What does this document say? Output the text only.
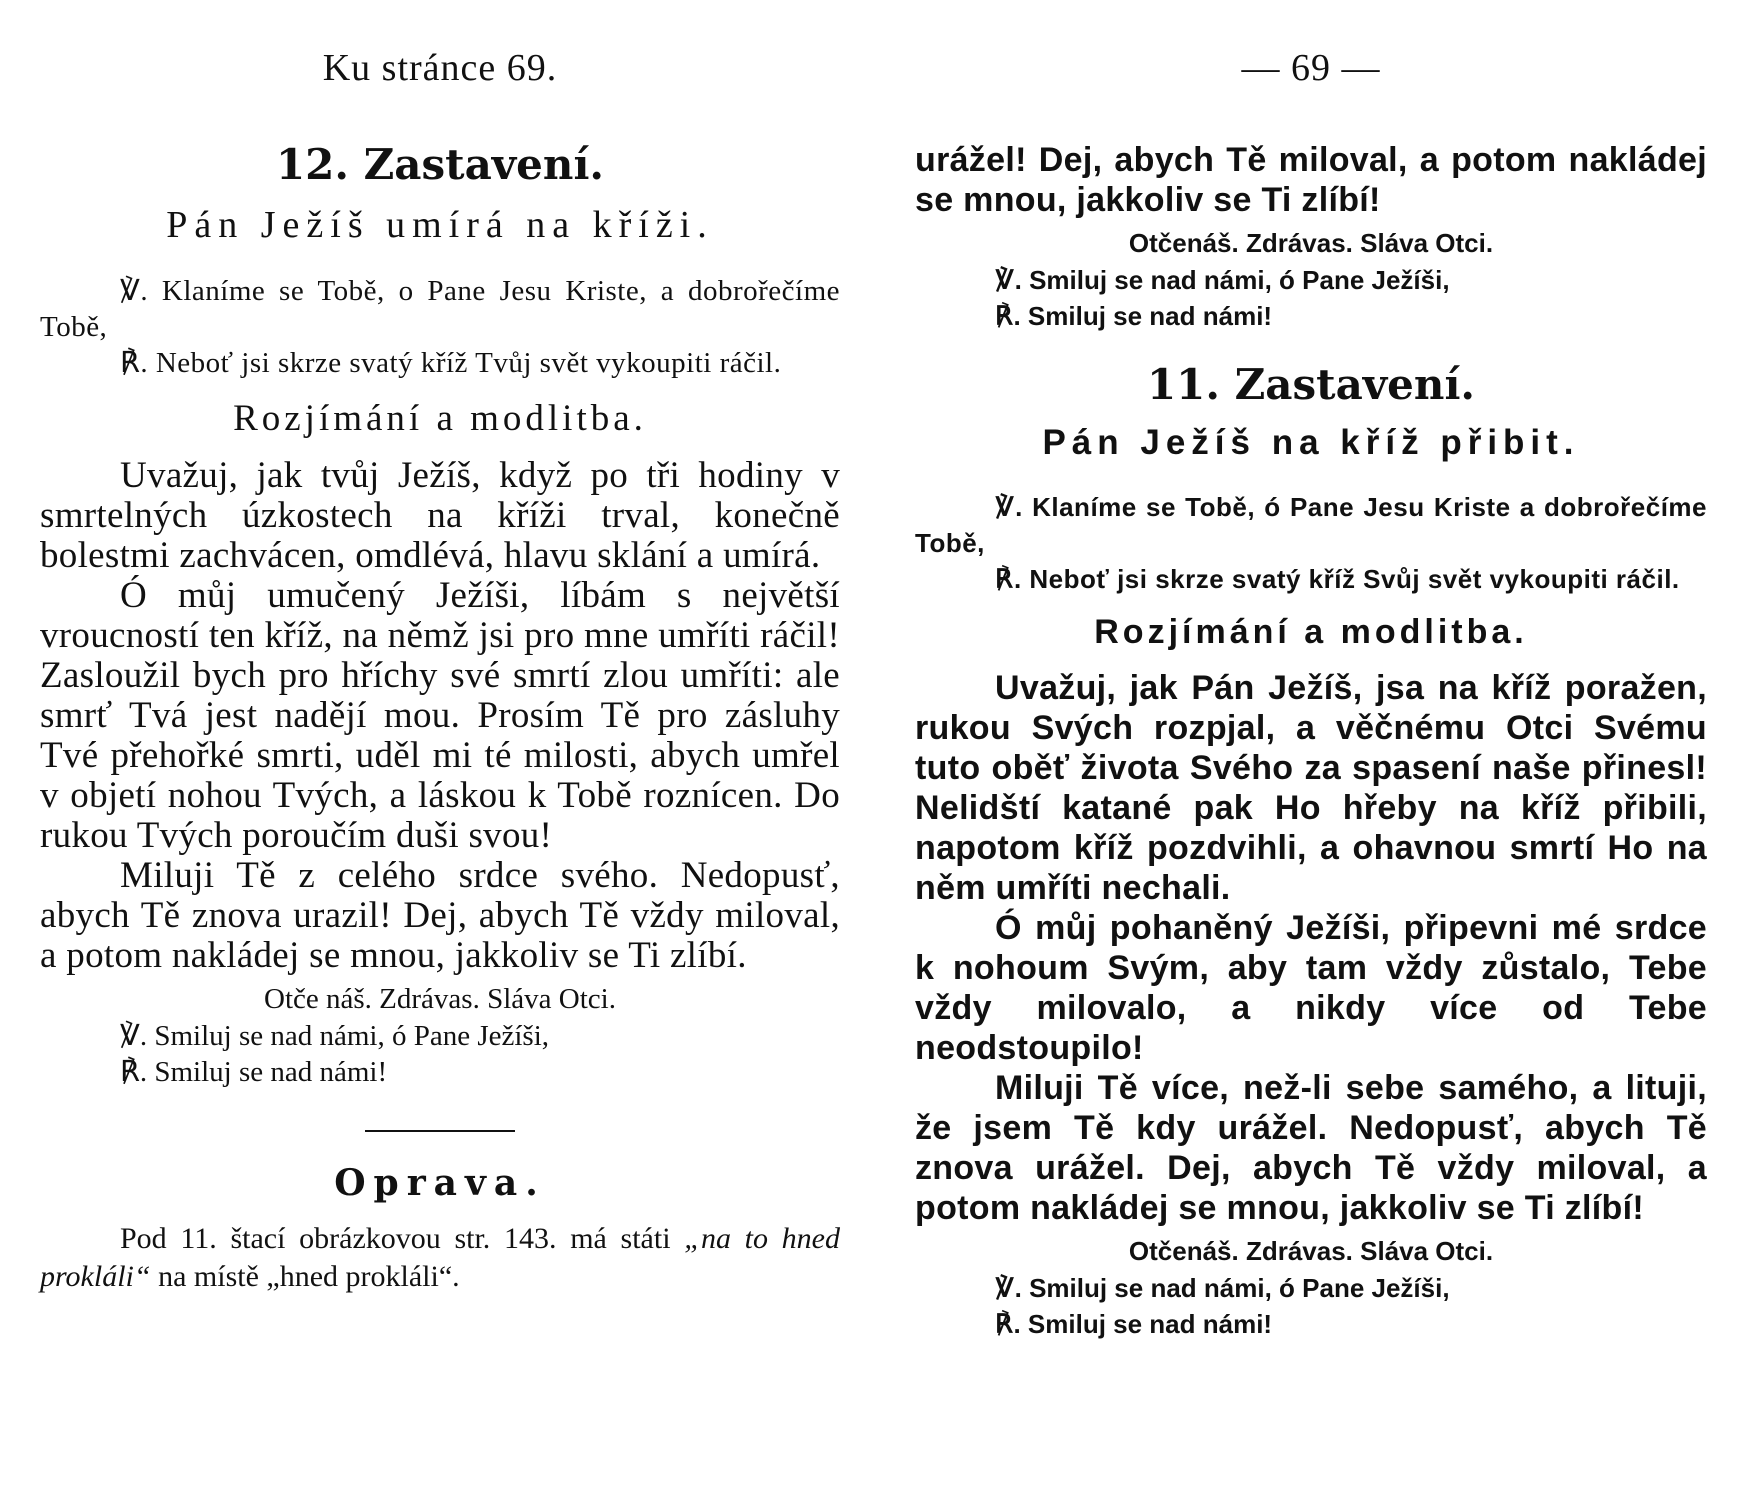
Ku stránce 69.
12. Zastavení.
Pán Ježíš umírá na kříži.
℣. Klaníme se Tobě, o Pane Jesu Kriste, a dobrořečíme Tobě,
℟. Neboť jsi skrze svatý kříž Tvůj svět vykoupiti ráčil.
Rozjímání a modlitba.

Uvažuj, jak tvůj Ježíš, když po tři hodiny v smrtelných úzkostech na kříži trval, konečně bolestmi zachvácen, omdlévá, hlavu sklání a umírá.

Ó můj umučený Ježíši, líbám s největší vroucností ten kříž, na němž jsi pro mne umříti ráčil! Zasloužil bych pro hříchy své smrtí zlou umříti: ale smrť Tvá jest nadějí mou. Prosím Tě pro zásluhy Tvé přehořké smrti, uděl mi té milosti, abych umřel v objetí nohou Tvých, a láskou k Tobě roznícen. Do rukou Tvých poroučím duši svou!

Miluji Tě z celého srdce svého. Nedopusť, abych Tě znova urazil! Dej, abych Tě vždy miloval, a potom nakládej se mnou, jakkoliv se Ti zlíbí.

Otče náš. Zdrávas. Sláva Otci.
℣. Smiluj se nad námi, ó Pane Ježíši,
℟. Smiluj se nad námi!
Oprava.
Pod 11. štací obrázkovou str. 143. má státi „na to hned prokláli“ na místě „hned prokláli“.
— 69 —

urážel! Dej, abych Tě miloval, a potom nakládej se mnou, jakkoliv se Ti zlíbí!

Otčenáš. Zdrávas. Sláva Otci.
℣. Smiluj se nad námi, ó Pane Ježíši,
℟. Smiluj se nad námi!
11. Zastavení.
Pán Ježíš na kříž přibit.
℣. Klaníme se Tobě, ó Pane Jesu Kriste a dobrořečíme Tobě,
℟. Neboť jsi skrze svatý kříž Svůj svět vykoupiti ráčil.
Rozjímání a modlitba.

Uvažuj, jak Pán Ježíš, jsa na kříž poražen, rukou Svých rozpjal, a věčnému Otci Svému tuto oběť života Svého za spasení naše přinesl! Nelidští katané pak Ho hřeby na kříž přibili, napotom kříž pozdvihli, a ohavnou smrtí Ho na něm umříti nechali.

Ó můj pohaněný Ježíši, připevni mé srdce k nohoum Svým, aby tam vždy zůstalo, Tebe vždy milovalo, a nikdy více od Tebe neodstoupilo!

Miluji Tě více, než-li sebe samého, a lituji, že jsem Tě kdy urážel. Nedopusť, abych Tě znova urážel. Dej, abych Tě vždy miloval, a potom nakládej se mnou, jakkoliv se Ti zlíbí!

Otčenáš. Zdrávas. Sláva Otci.
℣. Smiluj se nad námi, ó Pane Ježíši,
℟. Smiluj se nad námi!
